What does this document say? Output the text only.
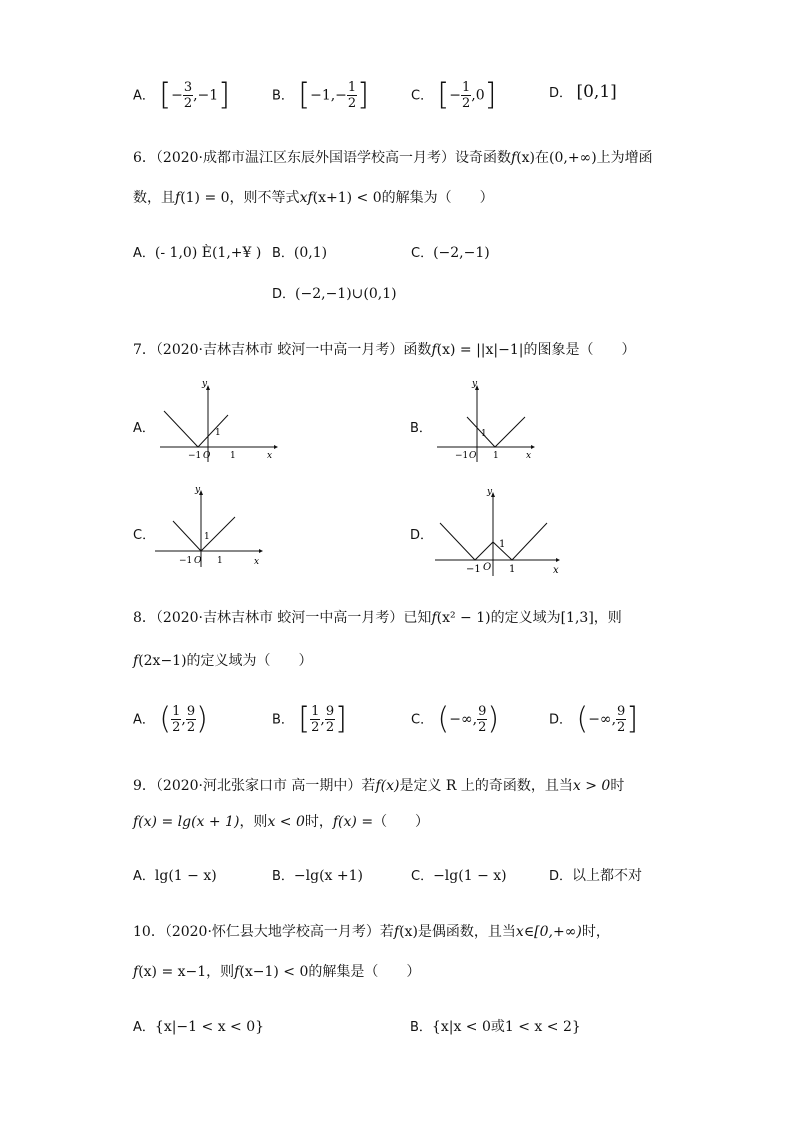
A． [− $\frac{3}{2} ,-1$]	B． [$-1,- \frac{1}{2}$ ]	C． [− $\frac{1}{2} ,0$]	D． [0,1]
6．（2020·成都市温江区东辰外国语学校高一月考）设奇函数f(x)在(0,+∞)上为增函
数，且f(1) = 0，则不等式xf(x+1) < 0的解集为（　　）
A．(- 1,0) È(1,+¥ ) B．(0,1)	C．(−2,−1)
D．(−2,−1)∪(0,1)
7．（2020·吉林吉林市 蛟河一中高一月考）函数f(x) = ||x|−1|的图象是（　　）
A．	B．
C．	D．
y
x
−1 O 1
1
y
x
−1 O 1
1
y
x
−1 O 1
1
y
x
−1 O 1
1
8．（2020·吉林吉林市 蛟河一中高一月考）已知f(x² − 1)的定义域为[1,3]，则
f(2x−1)的定义域为（　　）
A． ( $\frac{1}{2}$ , $\frac{9}{2}$ )	B． [ $\frac{1}{2}$ , $\frac{9}{2}$ ]	C． (−∞, $\frac{9}{2}$ )	D． (−∞, $\frac{9}{2}$ ]
9．（2020·河北张家口市 高一期中）若f(x)是定义 R 上的奇函数，且当x > 0时
f(x) = lg(x + 1)，则x < 0时，f(x) =（　　）
A．lg(1 − x)	B．−lg(x +1)	C．−lg(1 − x)	D．以上都不对
10．（2020·怀仁县大地学校高一月考）若f(x)是偶函数，且当x∈[0,+∞)时，
f(x) = x−1，则f(x−1) < 0的解集是（　　）
A．{x|−1 < x < 0}	B．{x|x < 0或1 < x < 2}
